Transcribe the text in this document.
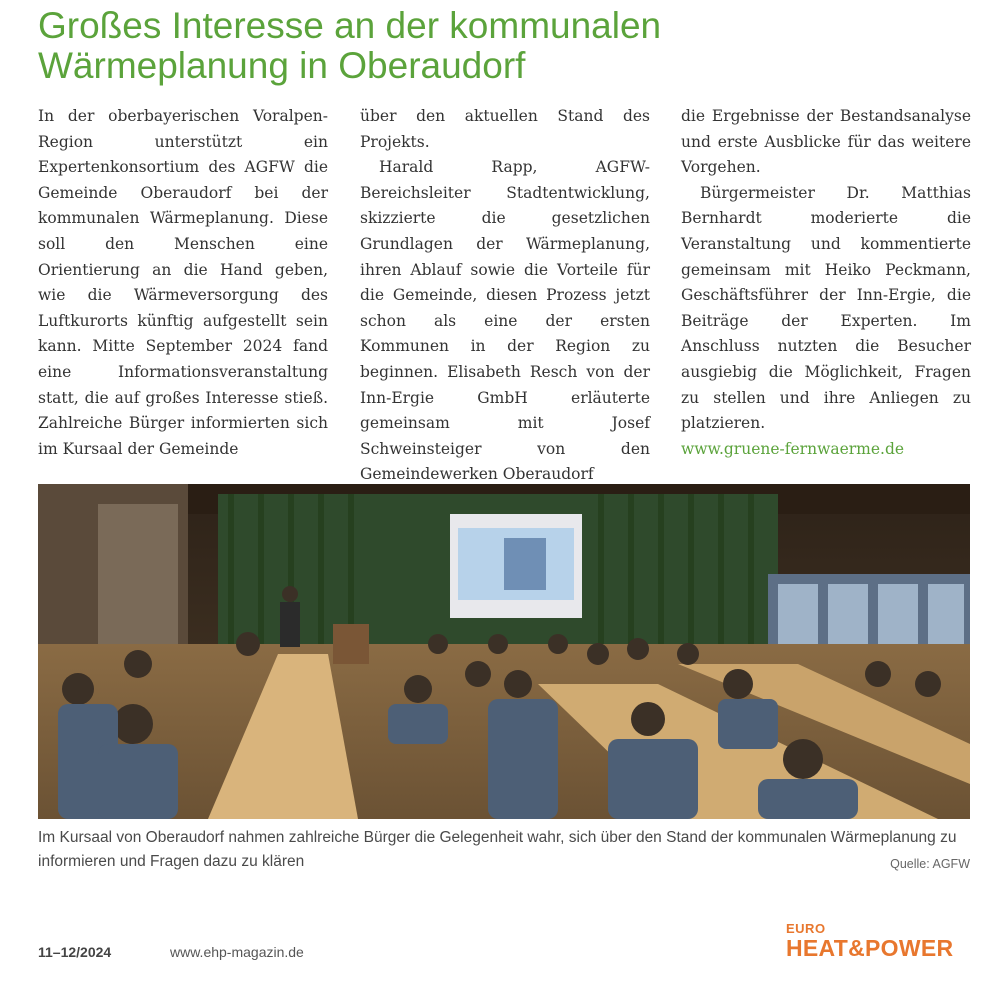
Großes Interesse an der kommunalen
Wärmeplanung in Oberaudorf

In der oberbayerischen Voralpen-Region unterstützt ein Expertenkonsortium des AGFW die Gemeinde Oberaudorf bei der kommunalen Wärmeplanung. Diese soll den Menschen eine Orientierung an die Hand geben, wie die Wärmeversorgung des Luftkurorts künftig aufgestellt sein kann. Mitte September 2024 fand eine Informationsveranstaltung statt, die auf großes Interesse stieß. Zahlreiche Bürger informierten sich im Kursaal der Gemeinde

über den aktuellen Stand des Projekts.

Harald Rapp, AGFW-Bereichsleiter Stadtentwicklung, skizzierte die gesetzlichen Grundlagen der Wärmeplanung, ihren Ablauf sowie die Vorteile für die Gemeinde, diesen Prozess jetzt schon als eine der ersten Kommunen in der Region zu beginnen. Elisabeth Resch von der Inn-Ergie GmbH erläuterte gemeinsam mit Josef Schweinsteiger von den Gemeindewerken Oberaudorf

die Ergebnisse der Bestandsanalyse und erste Ausblicke für das weitere Vorgehen.

Bürgermeister Dr. Matthias Bernhardt moderierte die Veranstaltung und kommentierte gemeinsam mit Heiko Peckmann, Geschäftsführer der Inn-Ergie, die Beiträge der Experten. Im Anschluss nutzten die Besucher ausgiebig die Möglichkeit, Fragen zu stellen und ihre Anliegen zu platzieren.

www.gruene-fernwaerme.de

Im Kursaal von Oberaudorf nahmen zahlreiche Bürger die Gelegenheit wahr, sich über den Stand der kommunalen Wärmeplanung zu informieren und Fragen dazu zu klären	Quelle: AGFW
11–12/2024	www.ehp-magazin.de
EURO
HEAT&POWER
